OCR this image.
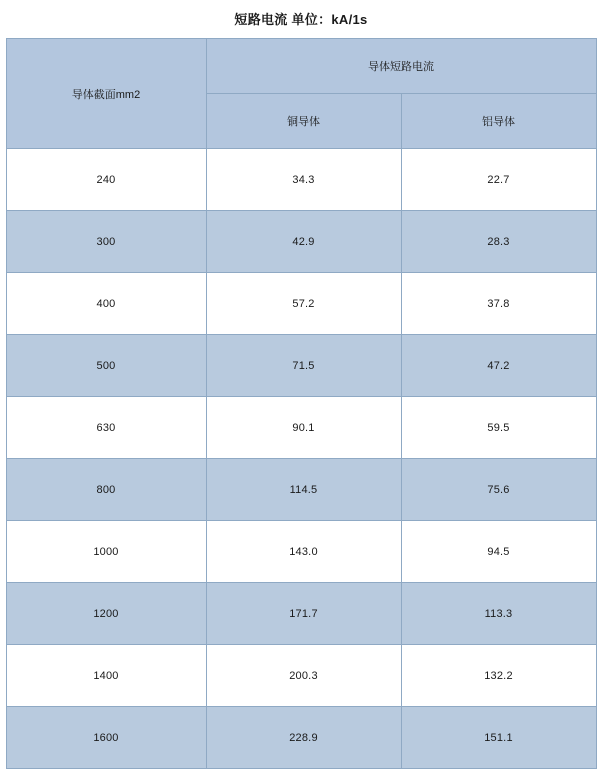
短路电流 单位：kA/1s
导体截面mm2	导体短路电流	
	铜导体	铝导体
240	34.3	22.7
300	42.9	28.3
400	57.2	37.8
500	71.5	47.2
630	90.1	59.5
800	114.5	75.6
1000	143.0	94.5
1200	171.7	113.3
1400	200.3	132.2
1600	228.9	151.1
